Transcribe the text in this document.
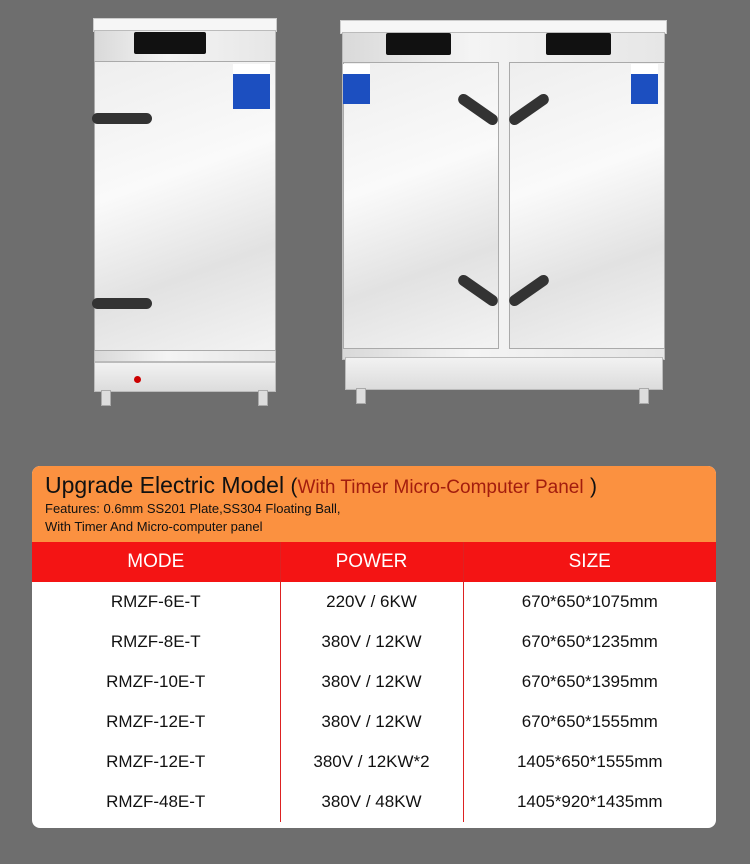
Upgrade Electric Model (With Timer Micro-Computer Panel )
Features: 0.6mm SS201 Plate,SS304 Floating Ball,
With Timer And Micro-computer panel
MODE	POWER	SIZE
RMZF-6E-T	220V / 6KW	670*650*1075mm
RMZF-8E-T	380V / 12KW	670*650*1235mm
RMZF-10E-T	380V / 12KW	670*650*1395mm
RMZF-12E-T	380V / 12KW	670*650*1555mm
RMZF-12E-T	380V / 12KW*2	1405*650*1555mm
RMZF-48E-T	380V / 48KW	1405*920*1435mm
